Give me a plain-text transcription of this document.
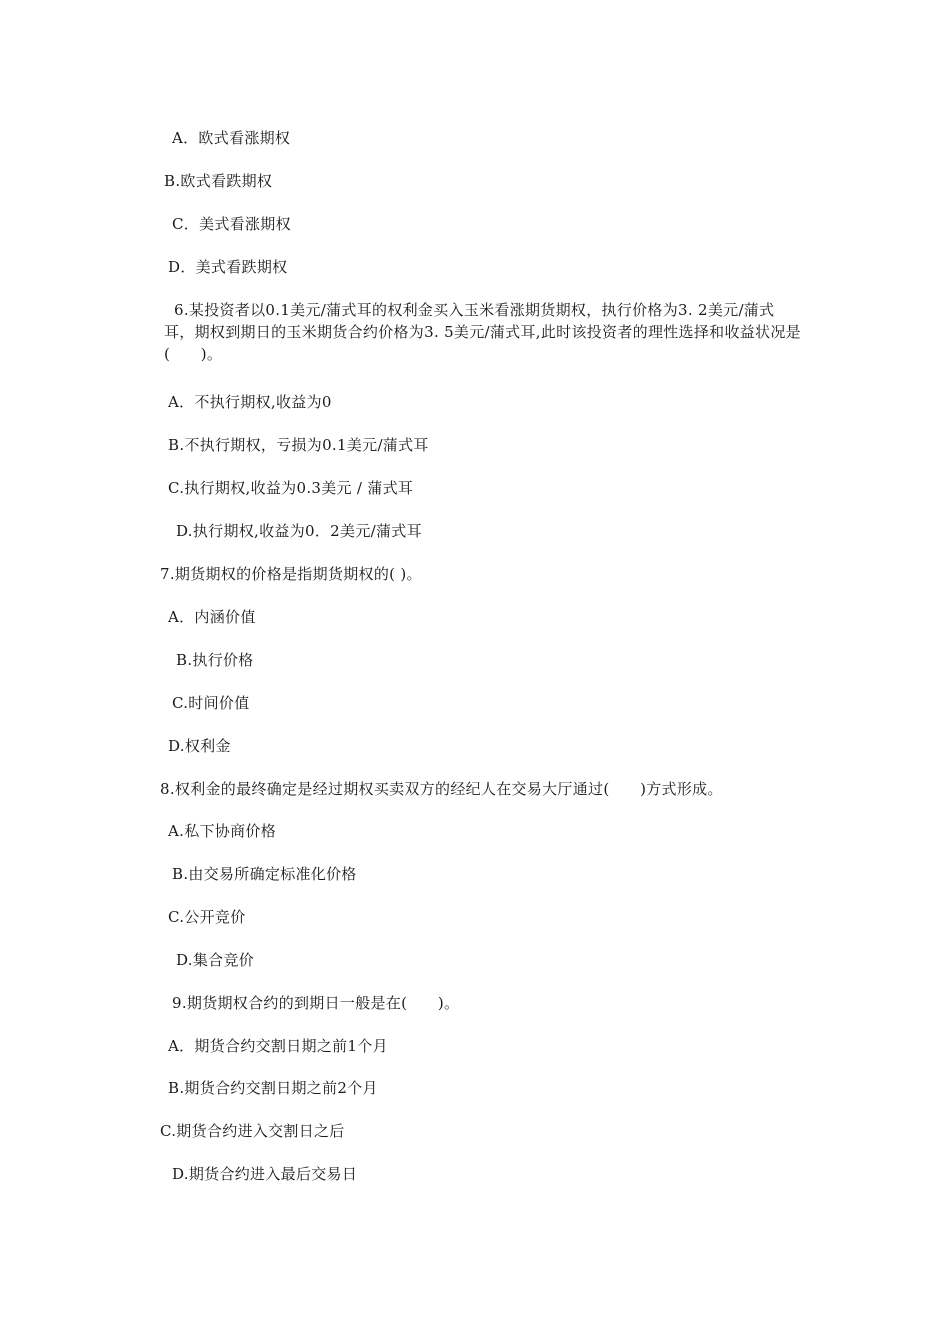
A．欧式看涨期权
B.欧式看跌期权
C．美式看涨期权
D．美式看跌期权
6.某投资者以0.1美元/蒲式耳的权利金买入玉米看涨期货期权，执行价格为3. 2美元/蒲式耳，期权到期日的玉米期货合约价格为3. 5美元/蒲式耳,此时该投资者的理性选择和收益状况是(　　)。
A．不执行期权,收益为0
B.不执行期权，亏损为0.1美元/蒲式耳
C.执行期权,收益为0.3美元 / 蒲式耳
D.执行期权,收益为0．2美元/蒲式耳
7.期货期权的价格是指期货期权的( )。
A．内涵价值
B.执行价格
C.时间价值
D.权利金
8.权利金的最终确定是经过期权买卖双方的经纪人在交易大厅通过(　　)方式形成。
A.私下协商价格
B.由交易所确定标准化价格
C.公开竞价
D.集合竞价
9.期货期权合约的到期日一般是在(　　)。
A．期货合约交割日期之前1个月
B.期货合约交割日期之前2个月
C.期货合约进入交割日之后
D.期货合约进入最后交易日
